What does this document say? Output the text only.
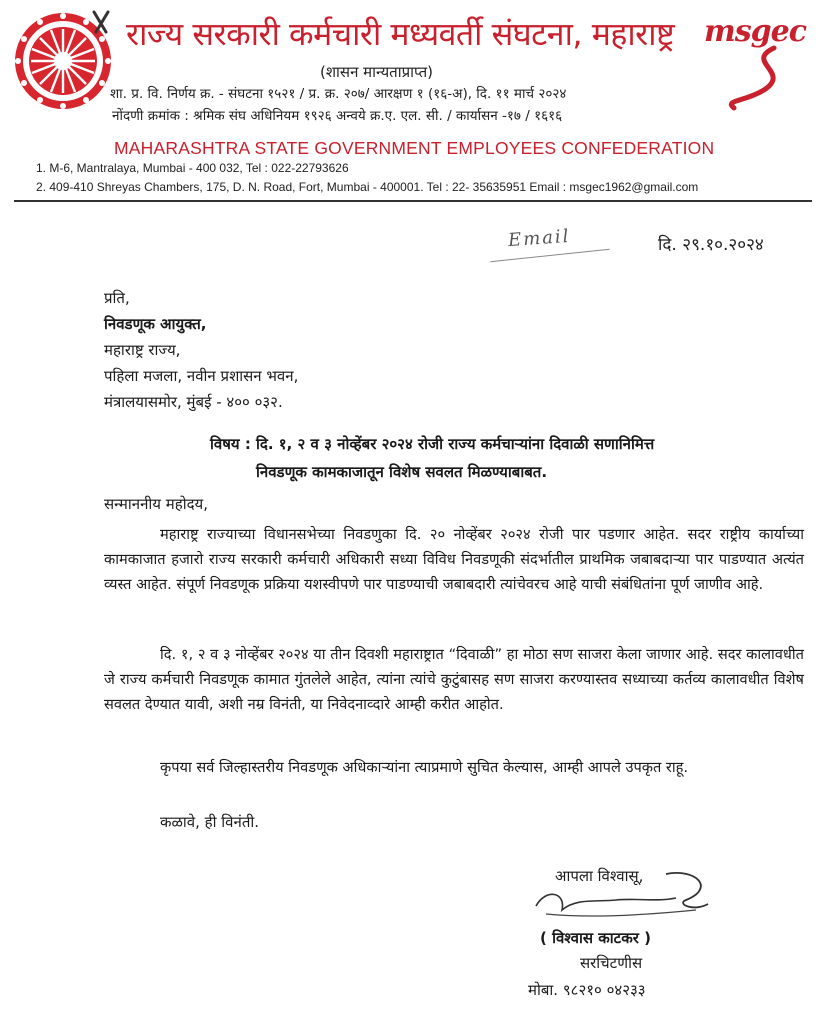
राज्य सरकारी कर्मचारी मध्यवर्ती संघटना, महाराष्ट्र msgec
(शासन मान्यताप्राप्त)
शा. प्र. वि. निर्णय क्र. - संघटना १५२१ / प्र. क्र. २०७/ आरक्षण १ (१६-अ), दि. ११ मार्च २०२४
नोंदणी क्रमांक : श्रमिक संघ अधिनियम १९२६ अन्वये क्र.ए. एल. सी. / कार्यासन -१७ / १६१६
MAHARASHTRA STATE GOVERNMENT EMPLOYEES CONFEDERATION
1. M-6, Mantralaya, Mumbai - 400 032, Tel : 022-22793626
2. 409-410 Shreyas Chambers, 175, D. N. Road, Fort, Mumbai - 400001. Tel : 22- 35635951 Email : msgec1962@gmail.com
Email	दि. २९.१०.२०२४
प्रति,
निवडणूक आयुक्त,
महाराष्ट्र राज्य,
पहिला मजला, नवीन प्रशासन भवन,
मंत्रालयासमोर, मुंबई - ४०० ०३२.
विषय : दि. १, २ व ३ नोव्हेंबर २०२४ रोजी राज्य कर्मचाऱ्यांना दिवाळी सणानिमित्त
निवडणूक कामकाजातून विशेष सवलत मिळण्याबाबत.
सन्माननीय महोदय,
महाराष्ट्र राज्याच्या विधानसभेच्या निवडणुका दि. २० नोव्हेंबर २०२४ रोजी पार पडणार आहेत. सदर राष्ट्रीय कार्याच्या कामकाजात हजारो राज्य सरकारी कर्मचारी अधिकारी सध्या विविध निवडणूकी संदर्भातील प्राथमिक जबाबदाऱ्या पार पाडण्यात अत्यंत व्यस्त आहेत. संपूर्ण निवडणूक प्रक्रिया यशस्वीपणे पार पाडण्याची जबाबदारी त्यांचेवरच आहे याची संबंधितांना पूर्ण जाणीव आहे.
दि. १, २ व ३ नोव्हेंबर २०२४ या तीन दिवशी महाराष्ट्रात “दिवाळी” हा मोठा सण साजरा केला जाणार आहे. सदर कालावधीत जे राज्य कर्मचारी निवडणूक कामात गुंतलेले आहेत, त्यांना त्यांचे कुटुंबासह सण साजरा करण्यास्तव सध्याच्या कर्तव्य कालावधीत विशेष सवलत देण्यात यावी, अशी नम्र विनंती, या निवेदनाव्दारे आम्ही करीत आहोत.
कृपया सर्व जिल्हास्तरीय निवडणूक अधिकाऱ्यांना त्याप्रमाणे सुचित केल्यास, आम्ही आपले उपकृत राहू.
कळावे, ही विनंती.
आपला विश्वासू,
( विश्वास काटकर )
सरचिटणीस
मोबा. ९८२१० ०४२३३
